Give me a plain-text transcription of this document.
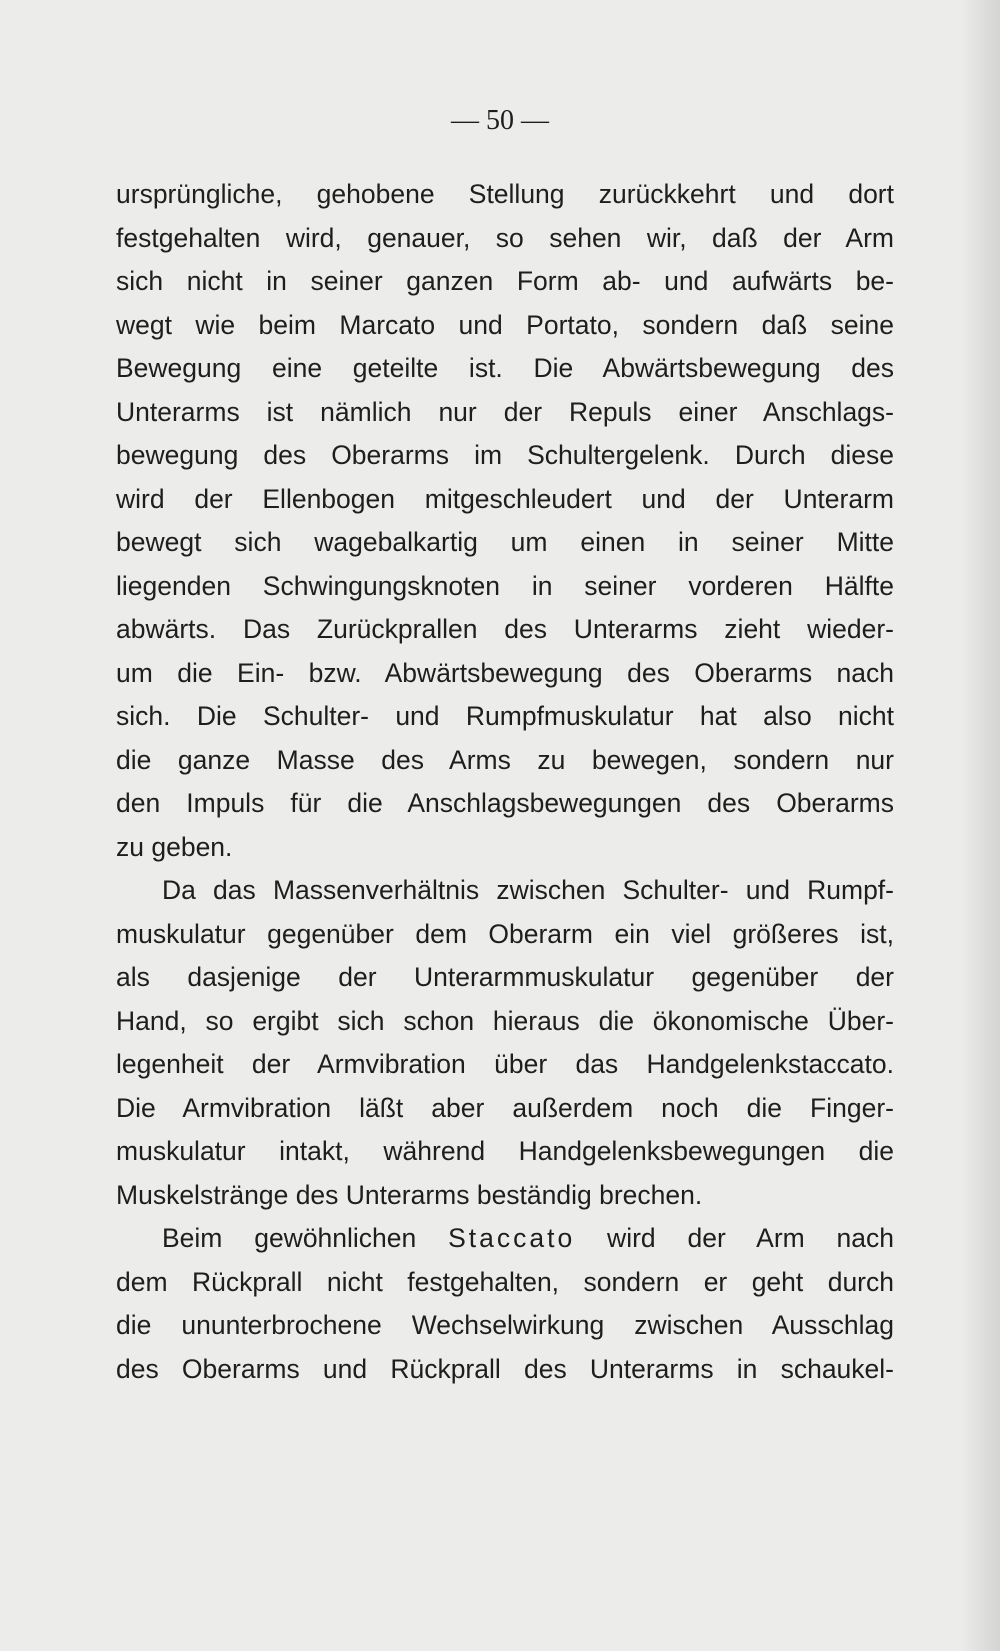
— 50 —
ursprüngliche, gehobene Stellung zurückkehrt und dort
festgehalten wird, genauer, so sehen wir, daß der Arm
sich nicht in seiner ganzen Form ab- und aufwärts be-
wegt wie beim Marcato und Portato, sondern daß seine
Bewegung eine geteilte ist. Die Abwärtsbewegung des
Unterarms ist nämlich nur der Repuls einer Anschlags-
bewegung des Oberarms im Schultergelenk. Durch diese
wird der Ellenbogen mitgeschleudert und der Unterarm
bewegt sich wagebalkartig um einen in seiner Mitte
liegenden Schwingungsknoten in seiner vorderen Hälfte
abwärts. Das Zurückprallen des Unterarms zieht wieder-
um die Ein- bzw. Abwärtsbewegung des Oberarms nach
sich. Die Schulter- und Rumpfmuskulatur hat also nicht
die ganze Masse des Arms zu bewegen, sondern nur
den Impuls für die Anschlagsbewegungen des Oberarms
zu geben.
Da das Massenverhältnis zwischen Schulter- und Rumpf-
muskulatur gegenüber dem Oberarm ein viel größeres ist,
als dasjenige der Unterarmmuskulatur gegenüber der
Hand, so ergibt sich schon hieraus die ökonomische Über-
legenheit der Armvibration über das Handgelenkstaccato.
Die Armvibration läßt aber außerdem noch die Finger-
muskulatur intakt, während Handgelenksbewegungen die
Muskelstränge des Unterarms beständig brechen.
Beim gewöhnlichen Staccato wird der Arm nach
dem Rückprall nicht festgehalten, sondern er geht durch
die ununterbrochene Wechselwirkung zwischen Ausschlag
des Oberarms und Rückprall des Unterarms in schaukel-
